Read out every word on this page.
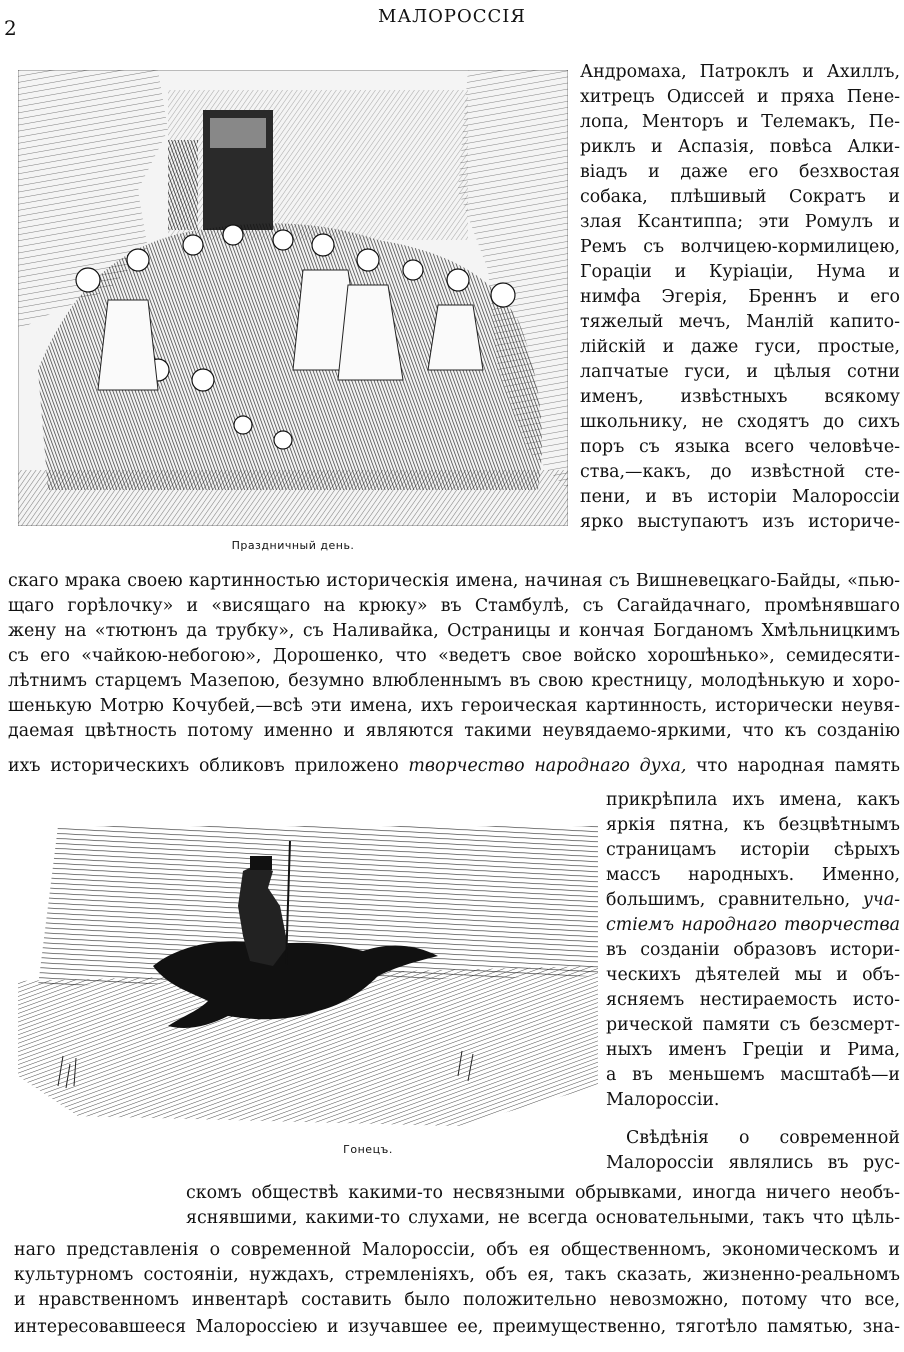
2	МАЛОРОССІЯ
Праздничный день.
Андромаха, Патроклъ и Ахиллъ,
хитрецъ Одиссей и пряха Пене-
лопа, Менторъ и Телемакъ, Пе-
риклъ и Аспазія, повѣса Алки-
віадъ и даже его безхвостая
собака, плѣшивый Сократъ и
злая Ксантиппа; эти Ромулъ и
Ремъ съ волчицею-кормилицею,
Гораціи и Куріаціи, Нума и
нимфа Эгерія, Бреннъ и его
тяжелый мечъ, Манлій капито-
лійскій и даже гуси, простые,
лапчатые гуси, и цѣлыя сотни
именъ, извѣстныхъ всякому
школьнику, не сходятъ до сихъ
поръ съ языка всего человѣче-
ства,—какъ, до извѣстной сте-
пени, и въ исторіи Малороссіи
ярко выступаютъ изъ историче-
скаго мрака своею картинностью историческія имена, начиная съ Вишневецкаго-Байды, «пью-
щаго горѣлочку» и «висящаго на крюку» въ Стамбулѣ, съ Сагайдачнаго, промѣнявшаго
жену на «тютюнъ да трубку», съ Наливайка, Остраницы и кончая Богданомъ Хмѣльницкимъ
съ его «чайкою-небогою», Дорошенко, что «ведетъ свое войско хорошѣнько», семидесяти-
лѣтнимъ старцемъ Мазепою, безумно влюбленнымъ въ свою крестницу, молодѣнькую и хоро-
шенькую Мотрю Кочубей,—всѣ эти имена, ихъ героическая картинность, исторически неувя-
даемая цвѣтность потому именно и являются такими неувядаемо-яркими, что къ созданію
ихъ историческихъ обликовъ приложено творчество народнаго духа, что народная память
Гонецъ.
прикрѣпила ихъ имена, какъ
яркія пятна, къ безцвѣтнымъ
страницамъ исторіи сѣрыхъ
массъ народныхъ. Именно,
большимъ, сравнительно, уча-
стіемъ народнаго творчества
въ созданіи образовъ истори-
ческихъ дѣятелей мы и объ-
ясняемъ нестираемость исто-
рической памяти съ безсмерт-
ныхъ именъ Греціи и Рима,
а въ меньшемъ масштабѣ—и
Малороссіи.
Свѣдѣнія о современной
Малороссіи являлись въ рус-
скомъ обществѣ какими-то несвязными обрывками, иногда ничего необъ-
яснявшими, какими-то слухами, не всегда основательными, такъ что цѣль-
наго представленія о современной Малороссіи, объ ея общественномъ, экономическомъ и
культурномъ состояніи, нуждахъ, стремленіяхъ, объ ея, такъ сказать, жизненно-реальномъ
и нравственномъ инвентарѣ составить было положительно невозможно, потому что все,
интересовавшееся Малороссіею и изучавшее ее, преимущественно, тяготѣло памятью, зна-
